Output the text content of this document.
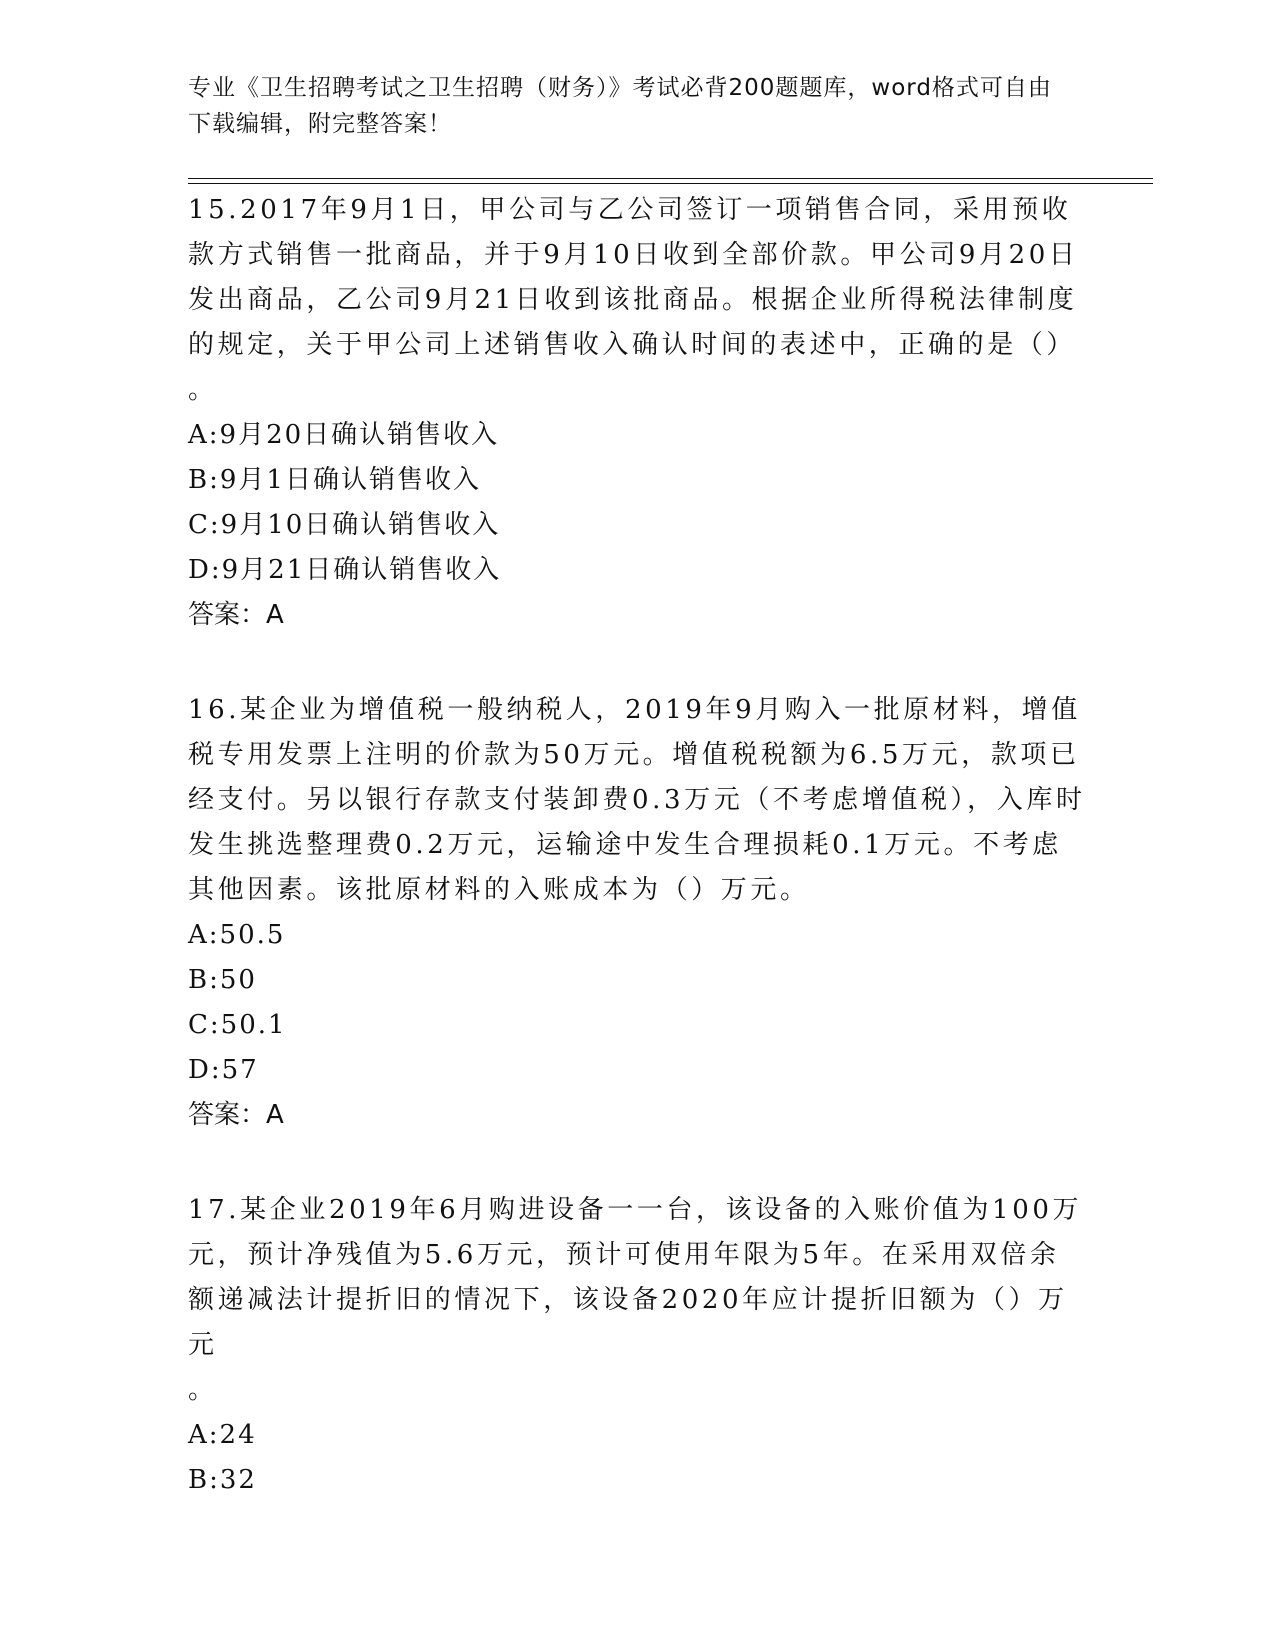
专业《卫生招聘考试之卫生招聘（财务）》考试必背200题题库，word格式可自由下载编辑，附完整答案！

15.2017年9月1日，甲公司与乙公司签订一项销售合同，采用预收款方式销售一批商品，并于9月10日收到全部价款。甲公司9月20日发出商品，乙公司9月21日收到该批商品。根据企业所得税法律制度的规定，关于甲公司上述销售收入确认时间的表述中，正确的是（）

。

A:9月20日确认销售收入

B:9月1日确认销售收入

C:9月10日确认销售收入

D:9月21日确认销售收入

答案：A

16.某企业为增值税一般纳税人，2019年9月购入一批原材料，增值税专用发票上注明的价款为50万元。增值税税额为6.5万元，款项已经支付。另以银行存款支付装卸费0.3万元（不考虑增值税），入库时发生挑选整理费0.2万元，运输途中发生合理损耗0.1万元。不考虑其他因素。该批原材料的入账成本为（）万元。

A:50.5

B:50

C:50.1

D:57

答案：A

17.某企业2019年6月购进设备一一台，该设备的入账价值为100万元，预计净残值为5.6万元，预计可使用年限为5年。在采用双倍余额递减法计提折旧的情况下，该设备2020年应计提折旧额为（）万元

。

A:24

B:32
